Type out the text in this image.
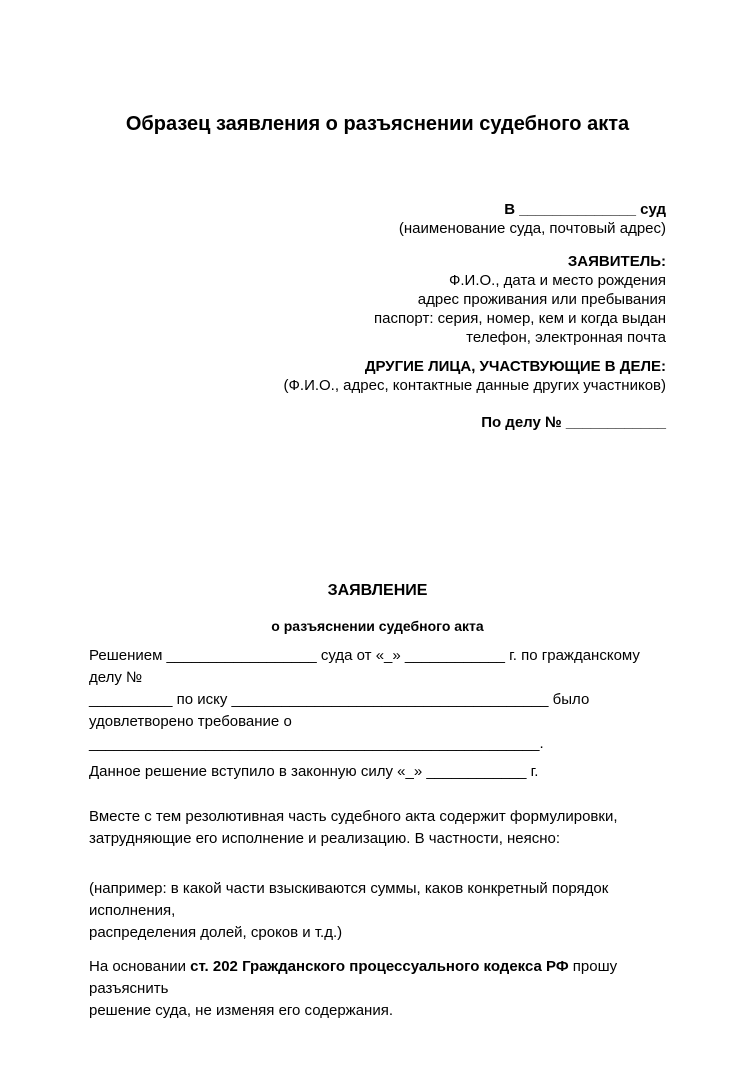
Образец заявления о разъяснении судебного акта
В ______________ суд
(наименование суда, почтовый адрес)
ЗАЯВИТЕЛЬ:
Ф.И.О., дата и место рождения
адрес проживания или пребывания
паспорт: серия, номер, кем и когда выдан
телефон, электронная почта
ДРУГИЕ ЛИЦА, УЧАСТВУЮЩИЕ В ДЕЛЕ:
(Ф.И.О., адрес, контактные данные других участников)
По делу № ____________
ЗАЯВЛЕНИЕ
о разъяснении судебного акта

Решением __________________ суда от «_» ____________ г. по гражданскому делу №
__________ по иску ______________________________________ было
удовлетворено требование о
______________________________________________________.

Данное решение вступило в законную силу «_» ____________ г.

Вместе с тем резолютивная часть судебного акта содержит формулировки,
затрудняющие его исполнение и реализацию. В частности, неясно:

(например: в какой части взыскиваются суммы, каков конкретный порядок исполнения,
распределения долей, сроков и т.д.)

На основании ст. 202 Гражданского процессуального кодекса РФ прошу разъяснить
решение суда, не изменяя его содержания.
